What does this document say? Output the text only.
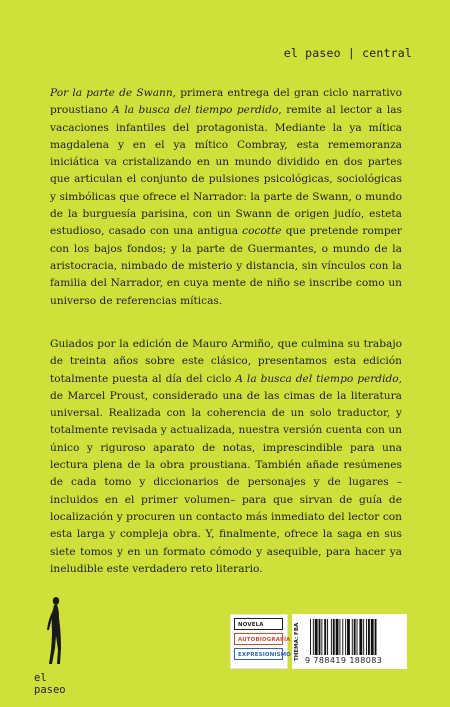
el paseo | central

Por la parte de Swann, primera entrega del gran ciclo narrativo proustiano A la busca del tiempo perdido, remite al lector a las vacaciones infantiles del protagonista. Mediante la ya mítica magdalena y en el ya mítico Combray, esta rememoranza iniciática va cristalizando en un mundo dividido en dos partes que articulan el conjunto de pulsiones psicológicas, sociológicas y simbólicas que ofrece el Narrador: la parte de Swann, o mundo de la burguesía parisina, con un Swann de origen judío, esteta estudioso, casado con una antigua cocotte que pretende romper con los bajos fondos; y la parte de Guermantes, o mundo de la aristocracia, nimbado de misterio y distancia, sin vínculos con la familia del Narrador, en cuya mente de niño se inscribe como un universo de referencias míticas.

Guiados por la edición de Mauro Armiño, que culmina su trabajo de treinta años sobre este clásico, presentamos esta edición totalmente puesta al día del ciclo A la busca del tiempo perdido, de Marcel Proust, considerado una de las cimas de la literatura universal. Realizada con la coherencia de un solo traductor, y totalmente revisada y actualizada, nuestra versión cuenta con un único y riguroso aparato de notas, imprescindible para una lectura plena de la obra proustiana. También añade resúmenes de cada tomo y diccionarios de personajes y de lugares –incluidos en el primer volumen– para que sirvan de guía de localización y procuren un contacto más inmediato del lector con esta larga y compleja obra. Y, finalmente, ofrece la saga en sus siete tomos y en un formato cómodo y asequible, para hacer ya ineludible este verdadero reto literario.

el paseo
NOVELA
AUTOBIOGRAFÍA
EXPRESIONISMO THEMA: FBA 9 788419 188083
